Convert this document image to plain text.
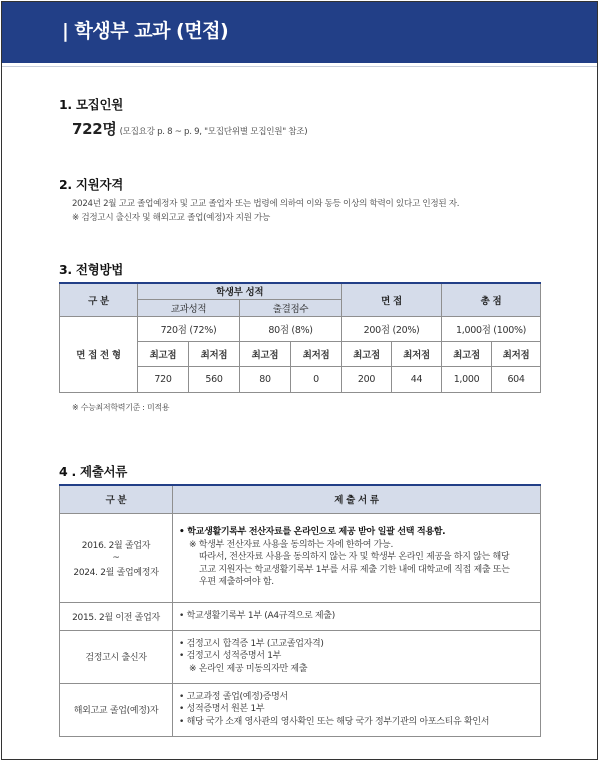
| 학생부 교과 (면접)
1. 모집인원
722명 (모집요강 p. 8 ~ p. 9, "모집단위별 모집인원" 참조)
2. 지원자격
2024년 2월 고교 졸업예정자 및 고교 졸업자 또는 법령에 의하여 이와 동등 이상의 학력이 있다고 인정된 자.
※ 검정고시 출신자 및 해외고교 졸업(예정)자 지원 가능
3. 전형방법
구 분	학생부 성적				면 접		총 점	
	교과성적		출결점수					
면 접 전 형	720점 (72%)		80점 (8%)		200점 (20%)		1,000점 (100%)	
	최고점	최저점	최고점	최저점	최고점	최저점	최고점	최저점
	720	560	80	0	200	44	1,000	604
※ 수능최저학력기준 : 미적용
4 . 제출서류
구 분	제 출 서 류

2016. 2월 졸업자
~
2024. 2월 졸업예정자	• 학교생활기록부 전산자료를 온라인으로 제공 받아 일괄 선택 적용함.
※ 학생부 전산자료 사용을 동의하는 자에 한하여 가능.
따라서, 전산자료 사용을 동의하지 않는 자 및 학생부 온라인 제공을 하지 않는 해당
고교 지원자는 학교생활기록부 1부를 서류 제출 기한 내에 대학교에 직접 제출 또는
우편 제출하여야 함.

2015. 2월 이전 졸업자	• 학교생활기록부 1부 (A4규격으로 제출)
검정고시 출신자	• 검정고시 합격증 1부 (고교졸업자격)
• 검정고시 성적증명서 1부
※ 온라인 제공 미동의자만 제출

해외고교 졸업(예정)자	• 고교과정 졸업(예정)증명서
• 성적증명서 원본 1부
• 해당 국가 소재 영사관의 영사확인 또는 해당 국가 정부기관의 아포스티유 확인서
